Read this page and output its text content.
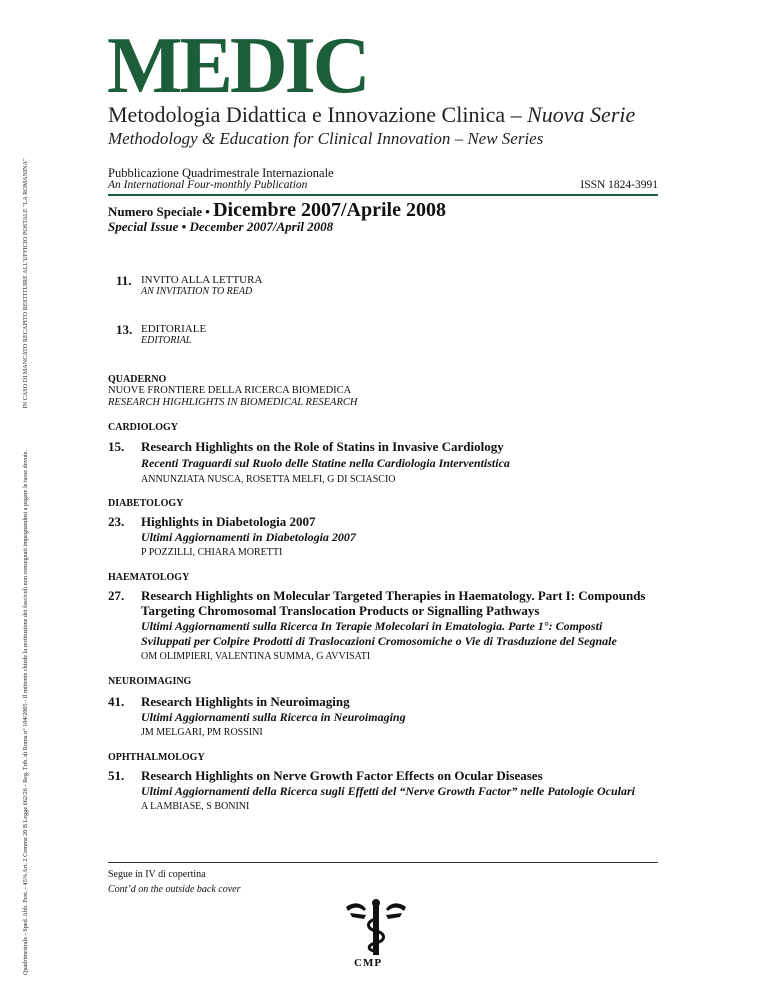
Quadrimestrale - Sped. Abb. Post. - 45% Art. 2 Comma 20 B Legge 662/26 - Reg. Trib. di Roma n° 104/2005 - Il mittente chiede la restituzione dei fascicoli non consegnati impegnandosi a pagare le tasse dovute. IN CASO DI MANCATO RECAPITO RESTITUIRE ALL'UFFICIO POSTALE "LA ROMANINA"
MEDIC
Metodologia Didattica e Innovazione Clinica – Nuova Serie
Methodology & Education for Clinical Innovation – New Series
Pubblicazione Quadrimestrale Internazionale
An International Four-monthly Publication	ISSN 1824-3991
Numero Speciale • Dicembre 2007/Aprile 2008
Special Issue • December 2007/April 2008
11. INVITO ALLA LETTURA
AN INVITATION TO READ
13. EDITORIALE
EDITORIAL
QUADERNO
NUOVE FRONTIERE DELLA RICERCA BIOMEDICA
RESEARCH HIGHLIGHTS IN BIOMEDICAL RESEARCH
CARDIOLOGY
15. Research Highlights on the Role of Statins in Invasive Cardiology
Recenti Traguardi sul Ruolo delle Statine nella Cardiologia Interventistica
ANNUNZIATA NUSCA, ROSETTA MELFI, G DI SCIASCIO
DIABETOLOGY
23. Highlights in Diabetologia 2007
Ultimi Aggiornamenti in Diabetologia 2007
P POZZILLI, CHIARA MORETTI
HAEMATOLOGY
27. Research Highlights on Molecular Targeted Therapies in Haematology. Part I: Compounds
Targeting Chromosomal Translocation Products or Signalling Pathways
Ultimi Aggiornamenti sulla Ricerca In Terapie Molecolari in Ematologia. Parte 1°: Composti
Sviluppati per Colpire Prodotti di Traslocazioni Cromosomiche o Vie di Trasduzione del Segnale
OM OLIMPIERI, VALENTINA SUMMA, G AVVISATI
NEUROIMAGING
41. Research Highlights in Neuroimaging
Ultimi Aggiornamenti sulla Ricerca in Neuroimaging
JM MELGARI, PM ROSSINI
OPHTHALMOLOGY
51. Research Highlights on Nerve Growth Factor Effects on Ocular Diseases
Ultimi Aggiornamenti della Ricerca sugli Effetti del “Nerve Growth Factor” nelle Patologie Oculari
A LAMBIASE, S BONINI
Segue in IV di copertina
Cont’d on the outside back cover
CMP
